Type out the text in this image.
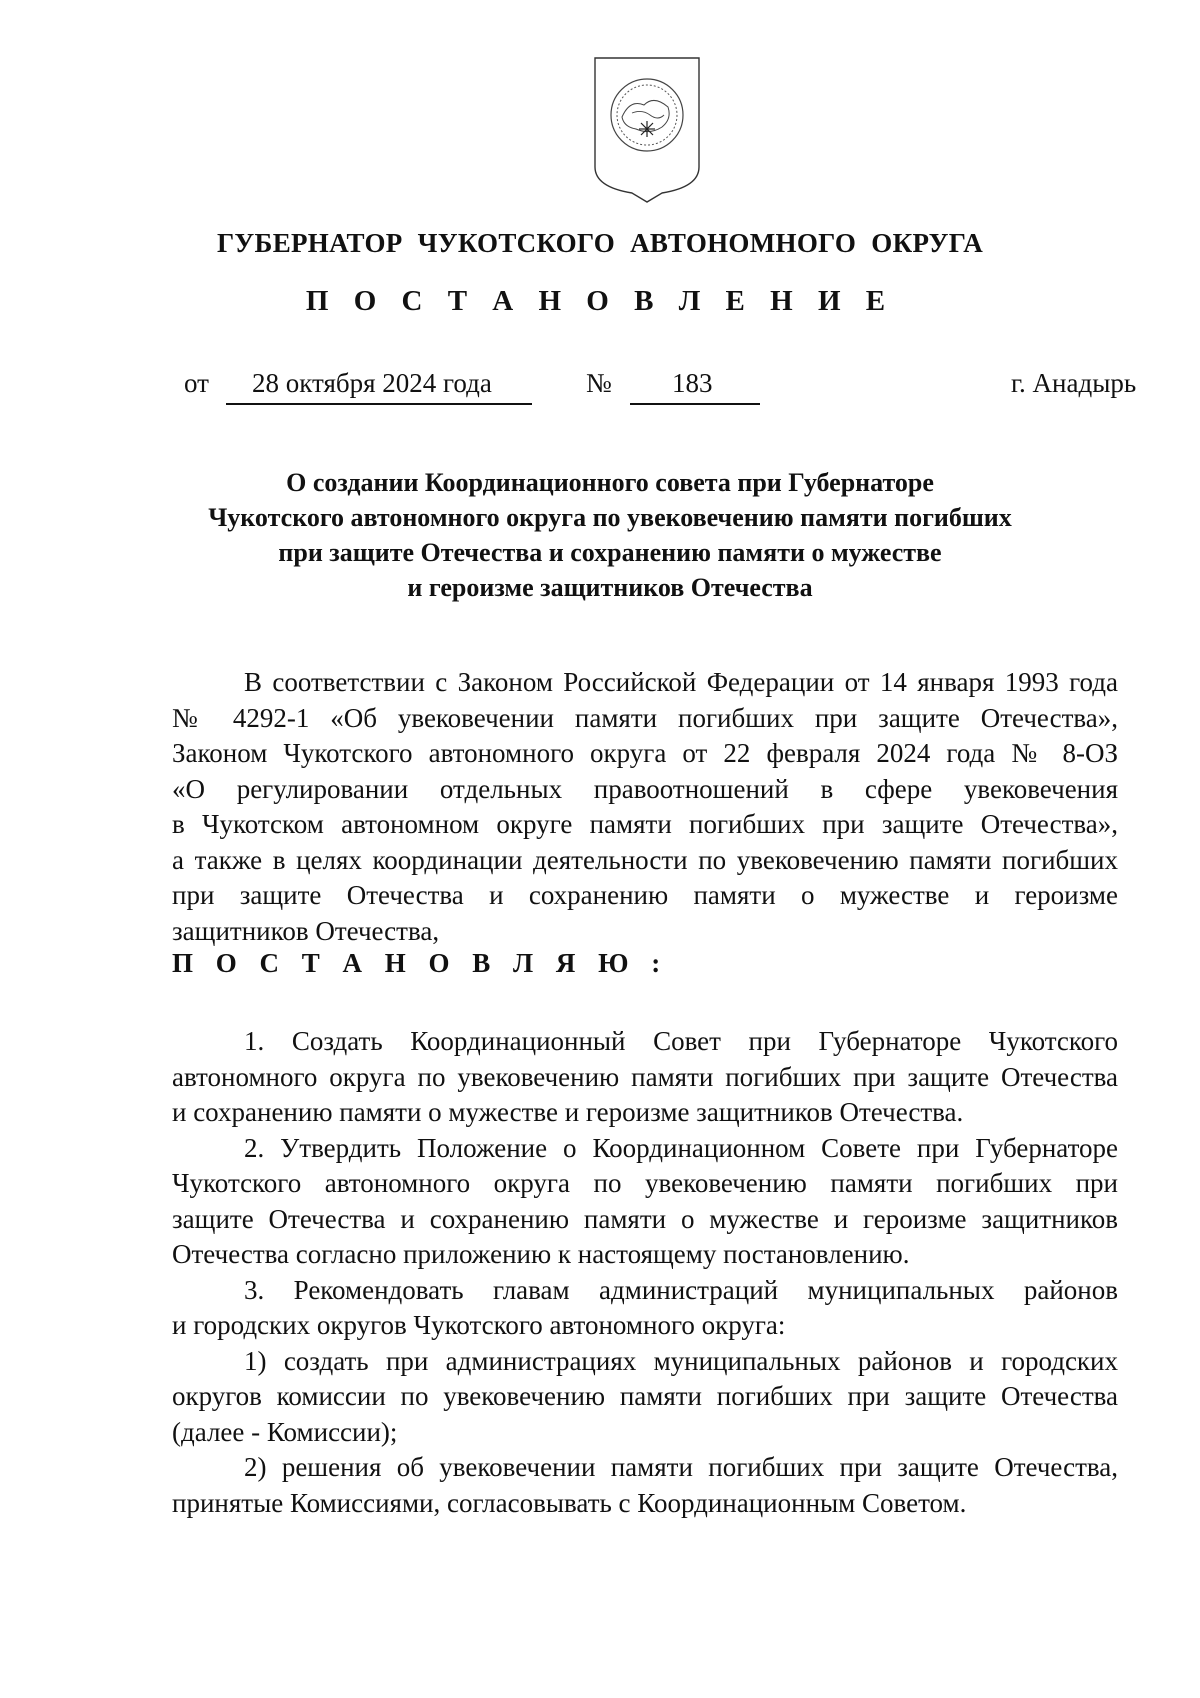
ГУБЕРНАТОР ЧУКОТСКОГО АВТОНОМНОГО ОКРУГА
П О С Т А Н О В Л Е Н И Е
от 28 октября 2024 года	№ 183	г. Анадырь
О создании Координационного совета при Губернаторе
Чукотского автономного округа по увековечению памяти погибших
при защите Отечества и сохранению памяти о мужестве
и героизме защитников Отечества
В соответствии с Законом Российской Федерации от 14 января 1993 года
№ 4292-1 «Об увековечении памяти погибших при защите Отечества»,
Законом Чукотского автономного округа от 22 февраля 2024 года № 8-ОЗ
«О регулировании отдельных правоотношений в сфере увековечения
в Чукотском автономном округе памяти погибших при защите Отечества»,
а также в целях координации деятельности по увековечению памяти погибших
при защите Отечества и сохранению памяти о мужестве и героизме
защитников Отечества,
П О С Т А Н О В Л Я Ю :
1. Создать Координационный Совет при Губернаторе Чукотского
автономного округа по увековечению памяти погибших при защите Отечества
и сохранению памяти о мужестве и героизме защитников Отечества.
2. Утвердить Положение о Координационном Совете при Губернаторе
Чукотского автономного округа по увековечению памяти погибших при
защите Отечества и сохранению памяти о мужестве и героизме защитников
Отечества согласно приложению к настоящему постановлению.
3. Рекомендовать главам администраций муниципальных районов
и городских округов Чукотского автономного округа:
1) создать при администрациях муниципальных районов и городских
округов комиссии по увековечению памяти погибших при защите Отечества
(далее - Комиссии);
2) решения об увековечении памяти погибших при защите Отечества,
принятые Комиссиями, согласовывать с Координационным Советом.
